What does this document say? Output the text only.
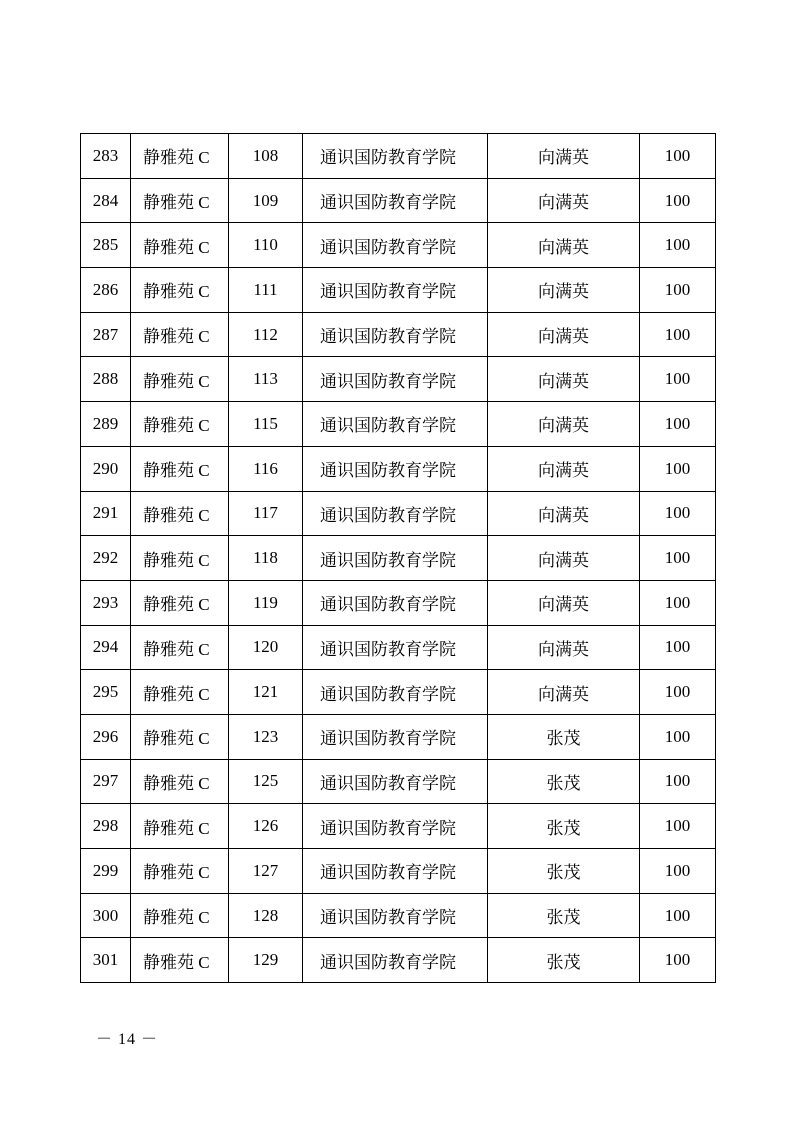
283	静雅苑 C	108	通识国防教育学院	向满英	100
284	静雅苑 C	109	通识国防教育学院	向满英	100
285	静雅苑 C	110	通识国防教育学院	向满英	100
286	静雅苑 C	111	通识国防教育学院	向满英	100
287	静雅苑 C	112	通识国防教育学院	向满英	100
288	静雅苑 C	113	通识国防教育学院	向满英	100
289	静雅苑 C	115	通识国防教育学院	向满英	100
290	静雅苑 C	116	通识国防教育学院	向满英	100
291	静雅苑 C	117	通识国防教育学院	向满英	100
292	静雅苑 C	118	通识国防教育学院	向满英	100
293	静雅苑 C	119	通识国防教育学院	向满英	100
294	静雅苑 C	120	通识国防教育学院	向满英	100
295	静雅苑 C	121	通识国防教育学院	向满英	100
296	静雅苑 C	123	通识国防教育学院	张茂	100
297	静雅苑 C	125	通识国防教育学院	张茂	100
298	静雅苑 C	126	通识国防教育学院	张茂	100
299	静雅苑 C	127	通识国防教育学院	张茂	100
300	静雅苑 C	128	通识国防教育学院	张茂	100
301	静雅苑 C	129	通识国防教育学院	张茂	100
－ 14 －
